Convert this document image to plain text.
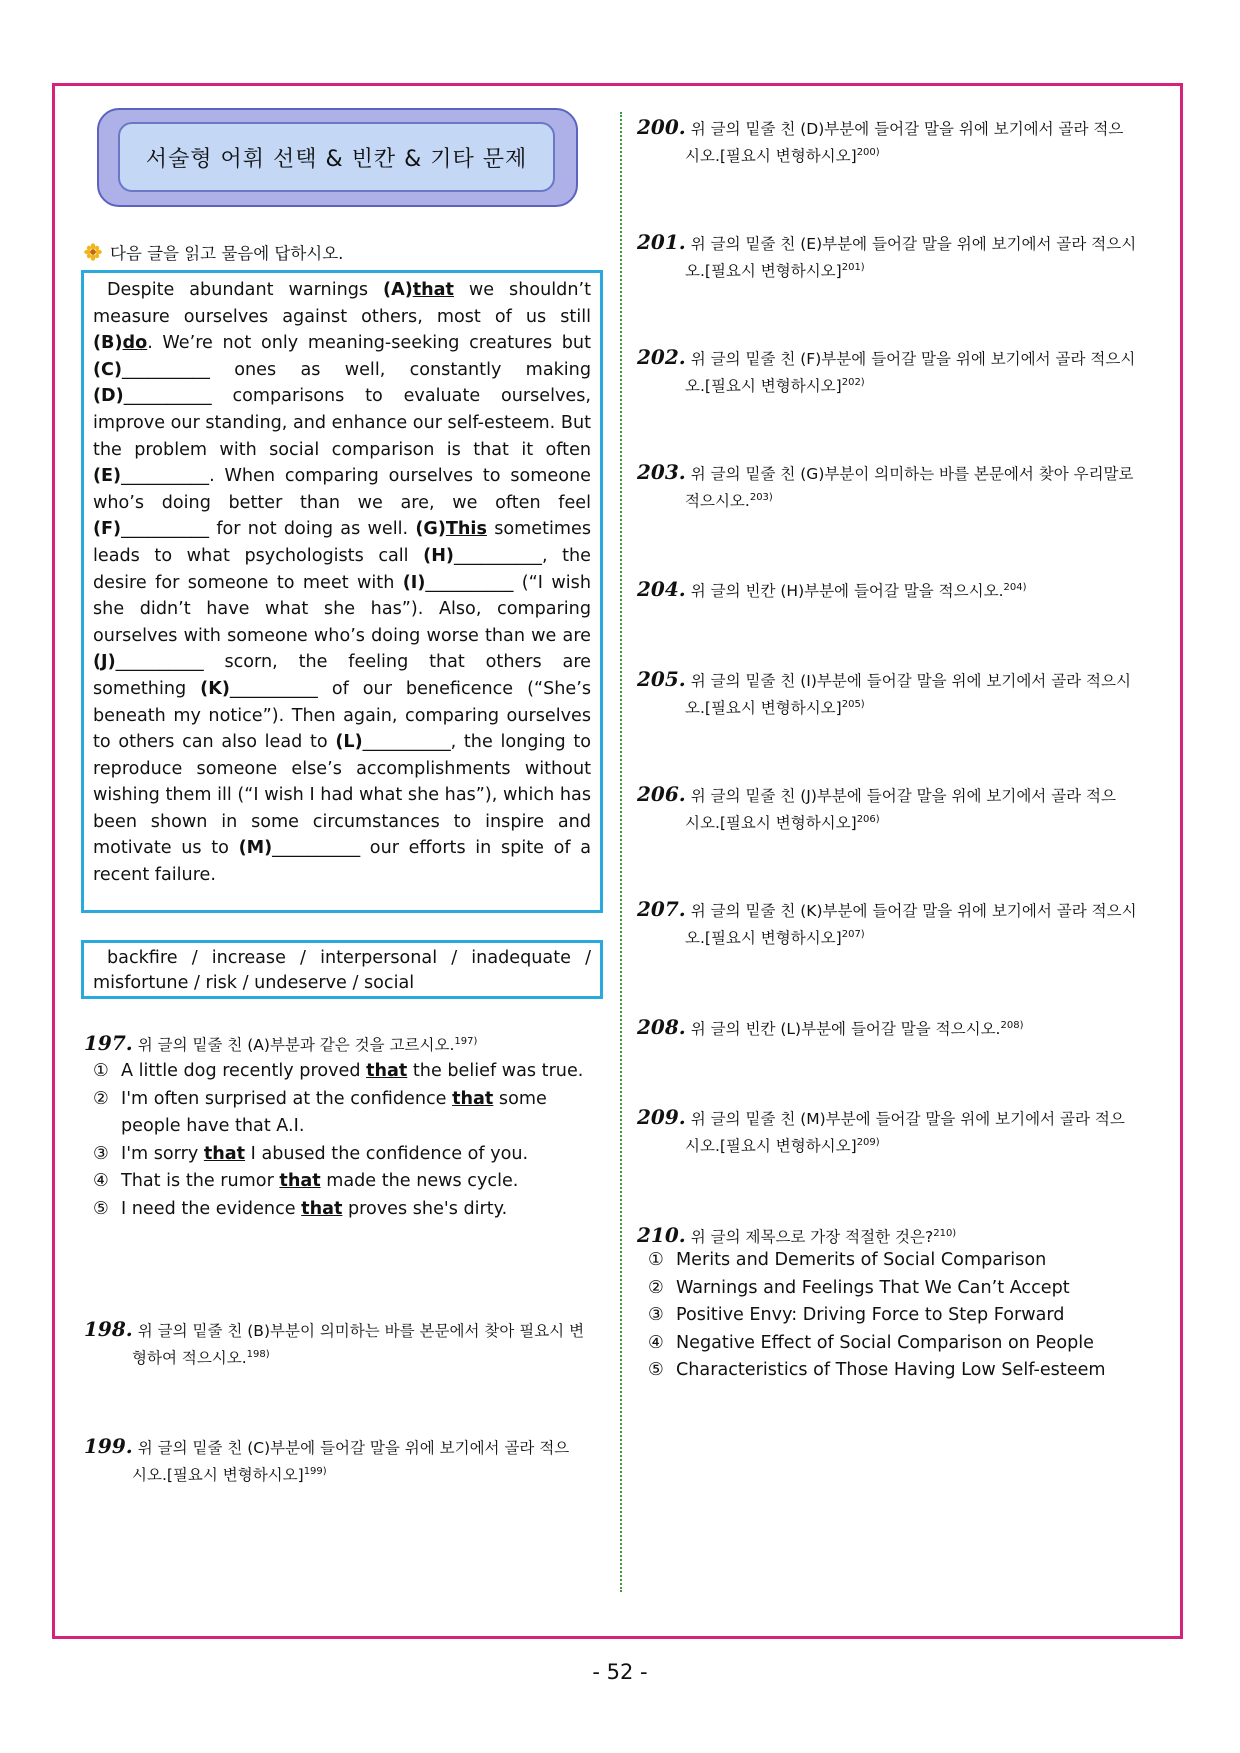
서술형 어휘 선택 & 빈칸 & 기타 문제
다음 글을 읽고 물음에 답하시오.

Despite abundant warnings (A)that we shouldn’t measure ourselves against others, most of us still (B)do. We’re not only meaning-seeking creatures but (C)__________ ones as well, constantly making (D)__________ comparisons to evaluate ourselves, improve our standing, and enhance our self-esteem. But the problem with social comparison is that it often (E)__________. When comparing ourselves to someone who’s doing better than we are, we often feel (F)__________ for not doing as well. (G)This sometimes leads to what psychologists call (H)__________, the desire for someone to meet with (I)__________ (“I wish she didn’t have what she has”). Also, comparing ourselves with someone who’s doing worse than we are (J)__________ scorn, the feeling that others are something (K)__________ of our beneficence (“She’s beneath my notice”). Then again, comparing ourselves to others can also lead to (L)__________, the longing to reproduce someone else’s accomplishments without wishing them ill (“I wish I had what she has”), which has been shown in some circumstances to inspire and motivate us to (M)__________ our efforts in spite of a recent failure.

backfire / increase / interpersonal / inadequate / misfortune / risk / undeserve / social

197. 위 글의 밑줄 친 (A)부분과 같은 것을 고르시오.$^{197)}$
① A little dog recently proved that the belief was true.
② I'm often surprised at the confidence that some people have that A.I.
③ I'm sorry that I abused the confidence of you.
④ That is the rumor that made the news cycle.
⑤ I need the evidence that proves she's dirty.
198. 위 글의 밑줄 친 (B)부분이 의미하는 바를 본문에서 찾아 필요시 변
형하여 적으시오.$^{198)}$
199. 위 글의 밑줄 친 (C)부분에 들어갈 말을 위에 보기에서 골라 적으
시오.[필요시 변형하시오]$^{199)}$
200. 위 글의 밑줄 친 (D)부분에 들어갈 말을 위에 보기에서 골라 적으
시오.[필요시 변형하시오]$^{200)}$
201. 위 글의 밑줄 친 (E)부분에 들어갈 말을 위에 보기에서 골라 적으시
오.[필요시 변형하시오]$^{201)}$
202. 위 글의 밑줄 친 (F)부분에 들어갈 말을 위에 보기에서 골라 적으시
오.[필요시 변형하시오]$^{202)}$
203. 위 글의 밑줄 친 (G)부분이 의미하는 바를 본문에서 찾아 우리말로
적으시오.$^{203)}$
204. 위 글의 빈칸 (H)부분에 들어갈 말을 적으시오.$^{204)}$
205. 위 글의 밑줄 친 (I)부분에 들어갈 말을 위에 보기에서 골라 적으시
오.[필요시 변형하시오]$^{205)}$
206. 위 글의 밑줄 친 (J)부분에 들어갈 말을 위에 보기에서 골라 적으
시오.[필요시 변형하시오]$^{206)}$
207. 위 글의 밑줄 친 (K)부분에 들어갈 말을 위에 보기에서 골라 적으시
오.[필요시 변형하시오]$^{207)}$
208. 위 글의 빈칸 (L)부분에 들어갈 말을 적으시오.$^{208)}$
209. 위 글의 밑줄 친 (M)부분에 들어갈 말을 위에 보기에서 골라 적으
시오.[필요시 변형하시오]$^{209)}$
210. 위 글의 제목으로 가장 적절한 것은?$^{210)}$
① Merits and Demerits of Social Comparison
② Warnings and Feelings That We Can’t Accept
③ Positive Envy: Driving Force to Step Forward
④ Negative Effect of Social Comparison on People
⑤ Characteristics of Those Having Low Self-esteem
- 52 -
